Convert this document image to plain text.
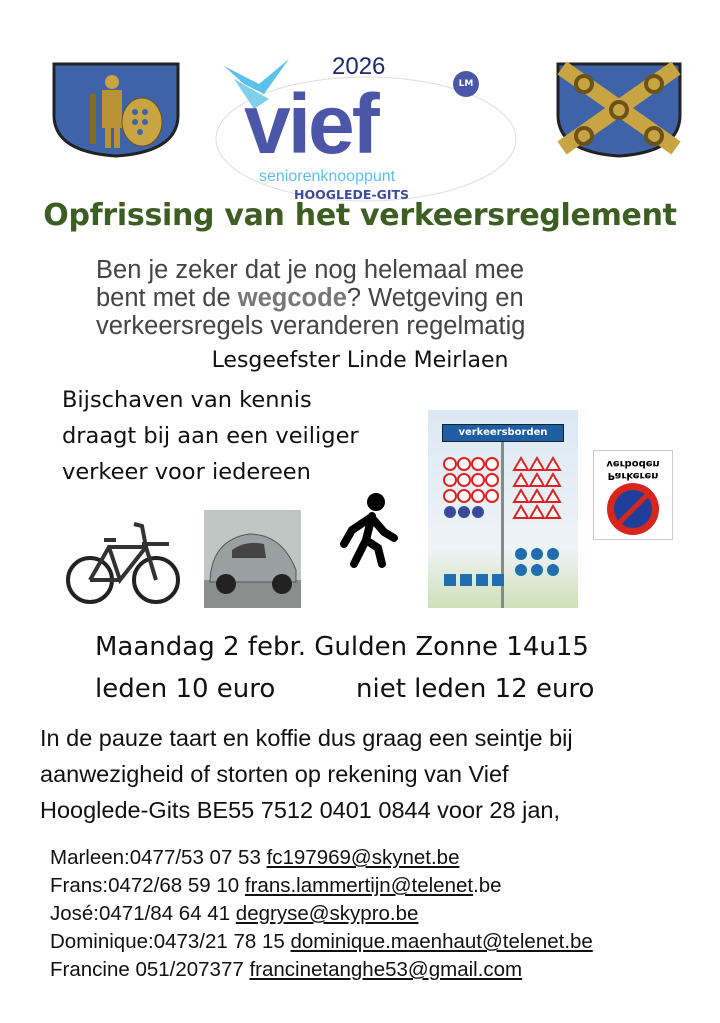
LM
2026
vief
seniorenknooppunt
HOOGLEDE-GITS
Opfrissing van het verkeersreglement
Ben je zeker dat je nog helemaal mee
bent met de wegcode? Wetgeving en
verkeersregels veranderen regelmatig
Lesgeefster Linde Meirlaen
Bijschaven van kennis
draagt bij aan een veiliger
verkeer voor iedereen
verkeersborden
Parkeren
verboden
Maandag 2 febr. Gulden Zonne 14u15
leden 10 euro	niet leden 12 euro
In de pauze taart en koffie dus graag een seintje bij
aanwezigheid of storten op rekening van Vief
Hooglede-Gits BE55 7512 0401 0844 voor 28 jan,
Marleen:0477/53 07 53 fc197969@skynet.be
Frans:0472/68 59 10 frans.lammertijn@telenet.be
José:0471/84 64 41 degryse@skypro.be
Dominique:0473/21 78 15 dominique.maenhaut@telenet.be
Francine 051/207377 francinetanghe53@gmail.com
